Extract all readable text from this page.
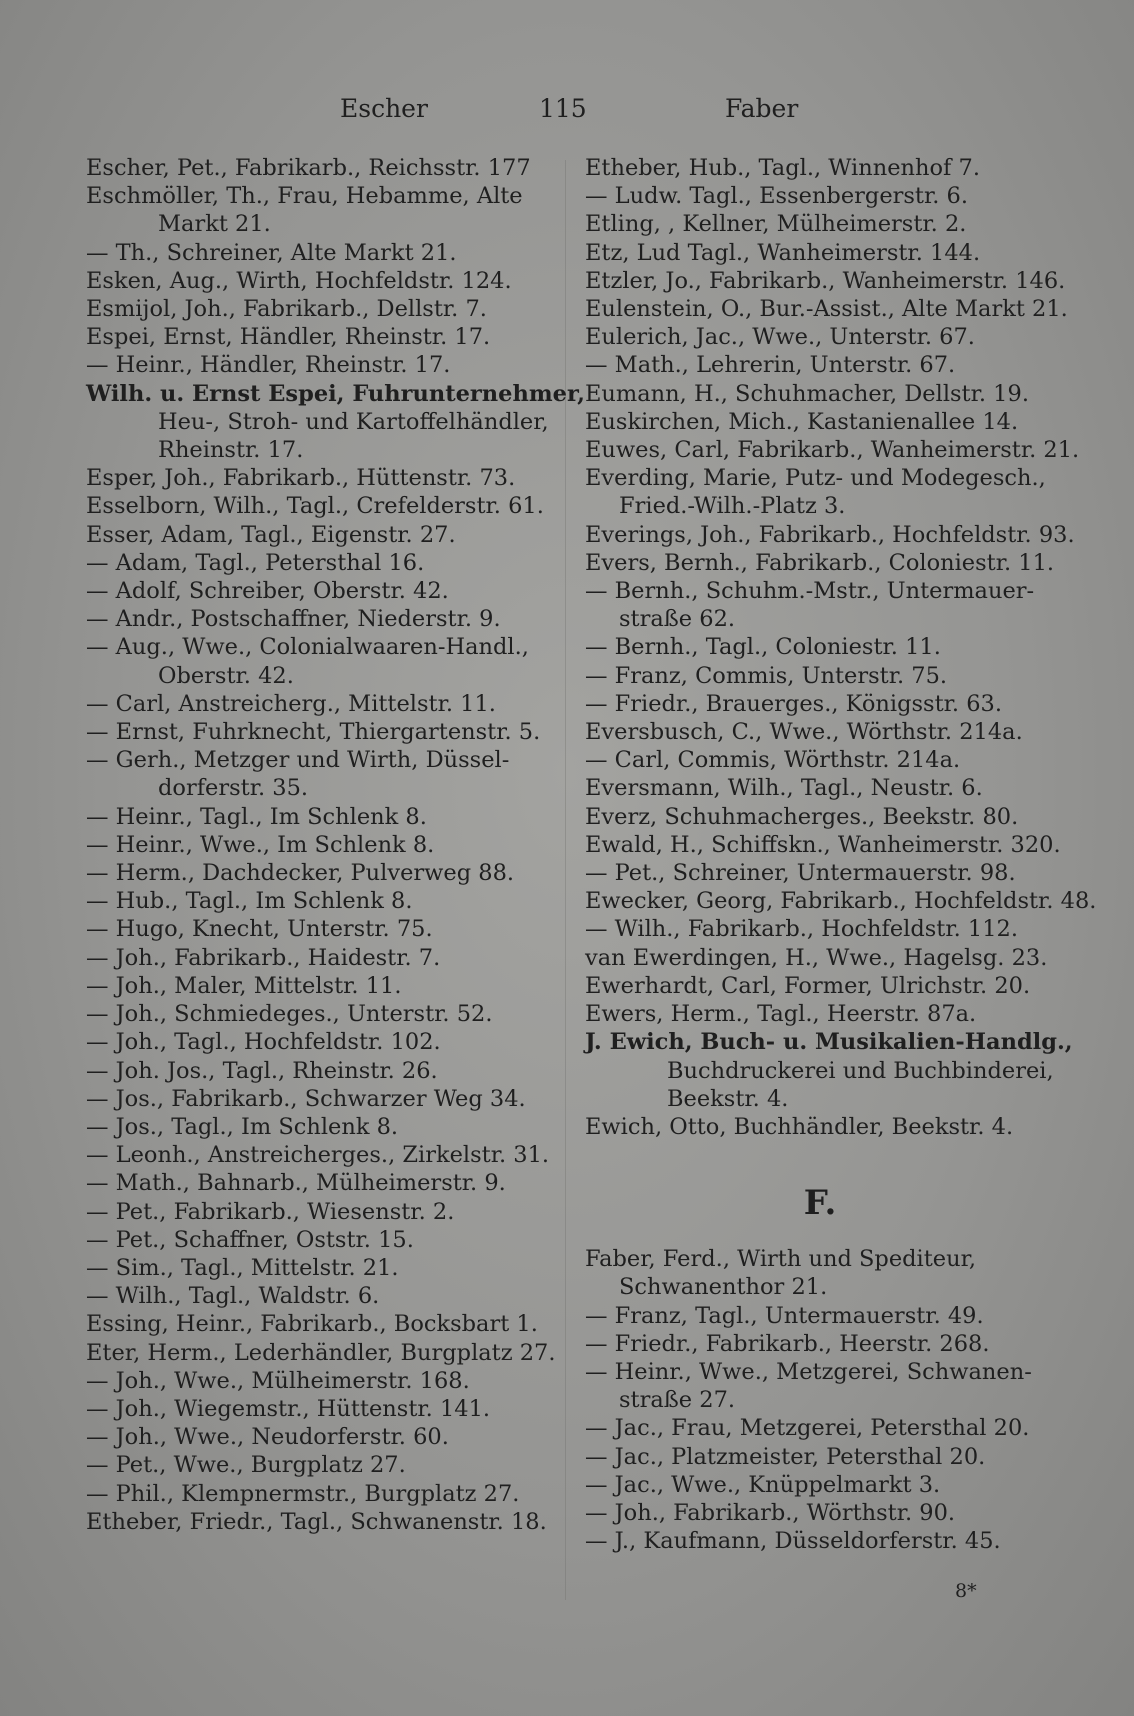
Escher	115	Faber
Escher, Pet., Fabrikarb., Reichsstr. 177
Eschmöller, Th., Frau, Hebamme, Alte
Markt 21.
— Th., Schreiner, Alte Markt 21.
Esken, Aug., Wirth, Hochfeldstr. 124.
Esmijol, Joh., Fabrikarb., Dellstr. 7.
Espei, Ernst, Händler, Rheinstr. 17.
— Heinr., Händler, Rheinstr. 17.
Wilh. u. Ernst Espei, Fuhrunternehmer,
Heu-, Stroh- und Kartoffelhändler,
Rheinstr. 17.
Esper, Joh., Fabrikarb., Hüttenstr. 73.
Esselborn, Wilh., Tagl., Crefelderstr. 61.
Esser, Adam, Tagl., Eigenstr. 27.
— Adam, Tagl., Petersthal 16.
— Adolf, Schreiber, Oberstr. 42.
— Andr., Postschaffner, Niederstr. 9.
— Aug., Wwe., Colonialwaaren-Handl.,
Oberstr. 42.
— Carl, Anstreicherg., Mittelstr. 11.
— Ernst, Fuhrknecht, Thiergartenstr. 5.
— Gerh., Metzger und Wirth, Düssel-
dorferstr. 35.
— Heinr., Tagl., Im Schlenk 8.
— Heinr., Wwe., Im Schlenk 8.
— Herm., Dachdecker, Pulverweg 88.
— Hub., Tagl., Im Schlenk 8.
— Hugo, Knecht, Unterstr. 75.
— Joh., Fabrikarb., Haidestr. 7.
— Joh., Maler, Mittelstr. 11.
— Joh., Schmiedeges., Unterstr. 52.
— Joh., Tagl., Hochfeldstr. 102.
— Joh. Jos., Tagl., Rheinstr. 26.
— Jos., Fabrikarb., Schwarzer Weg 34.
— Jos., Tagl., Im Schlenk 8.
— Leonh., Anstreicherges., Zirkelstr. 31.
— Math., Bahnarb., Mülheimerstr. 9.
— Pet., Fabrikarb., Wiesenstr. 2.
— Pet., Schaffner, Oststr. 15.
— Sim., Tagl., Mittelstr. 21.
— Wilh., Tagl., Waldstr. 6.
Essing, Heinr., Fabrikarb., Bocksbart 1.
Eter, Herm., Lederhändler, Burgplatz 27.
— Joh., Wwe., Mülheimerstr. 168.
— Joh., Wiegemstr., Hüttenstr. 141.
— Joh., Wwe., Neudorferstr. 60.
— Pet., Wwe., Burgplatz 27.
— Phil., Klempnermstr., Burgplatz 27.
Etheber, Friedr., Tagl., Schwanenstr. 18.
Etheber, Hub., Tagl., Winnenhof 7.
— Ludw. Tagl., Essenbergerstr. 6.
Etling, , Kellner, Mülheimerstr. 2.
Etz, Lud Tagl., Wanheimerstr. 144.
Etzler, Jo., Fabrikarb., Wanheimerstr. 146.
Eulenstein, O., Bur.-Assist., Alte Markt 21.
Eulerich, Jac., Wwe., Unterstr. 67.
— Math., Lehrerin, Unterstr. 67.
Eumann, H., Schuhmacher, Dellstr. 19.
Euskirchen, Mich., Kastanienallee 14.
Euwes, Carl, Fabrikarb., Wanheimerstr. 21.
Everding, Marie, Putz- und Modegesch.,
Fried.-Wilh.-Platz 3.
Everings, Joh., Fabrikarb., Hochfeldstr. 93.
Evers, Bernh., Fabrikarb., Coloniestr. 11.
— Bernh., Schuhm.-Mstr., Untermauer-
straße 62.
— Bernh., Tagl., Coloniestr. 11.
— Franz, Commis, Unterstr. 75.
— Friedr., Brauerges., Königsstr. 63.
Eversbusch, C., Wwe., Wörthstr. 214a.
— Carl, Commis, Wörthstr. 214a.
Eversmann, Wilh., Tagl., Neustr. 6.
Everz, Schuhmacherges., Beekstr. 80.
Ewald, H., Schiffskn., Wanheimerstr. 320.
— Pet., Schreiner, Untermauerstr. 98.
Ewecker, Georg, Fabrikarb., Hochfeldstr. 48.
— Wilh., Fabrikarb., Hochfeldstr. 112.
van Ewerdingen, H., Wwe., Hagelsg. 23.
Ewerhardt, Carl, Former, Ulrichstr. 20.
Ewers, Herm., Tagl., Heerstr. 87a.
J. Ewich, Buch- u. Musikalien-Handlg.,
Buchdruckerei und Buchbinderei,
Beekstr. 4.
Ewich, Otto, Buchhändler, Beekstr. 4.
F.
Faber, Ferd., Wirth und Spediteur,
Schwanenthor 21.
— Franz, Tagl., Untermauerstr. 49.
— Friedr., Fabrikarb., Heerstr. 268.
— Heinr., Wwe., Metzgerei, Schwanen-
straße 27.
— Jac., Frau, Metzgerei, Petersthal 20.
— Jac., Platzmeister, Petersthal 20.
— Jac., Wwe., Knüppelmarkt 3.
— Joh., Fabrikarb., Wörthstr. 90.
— J., Kaufmann, Düsseldorferstr. 45.
8*
